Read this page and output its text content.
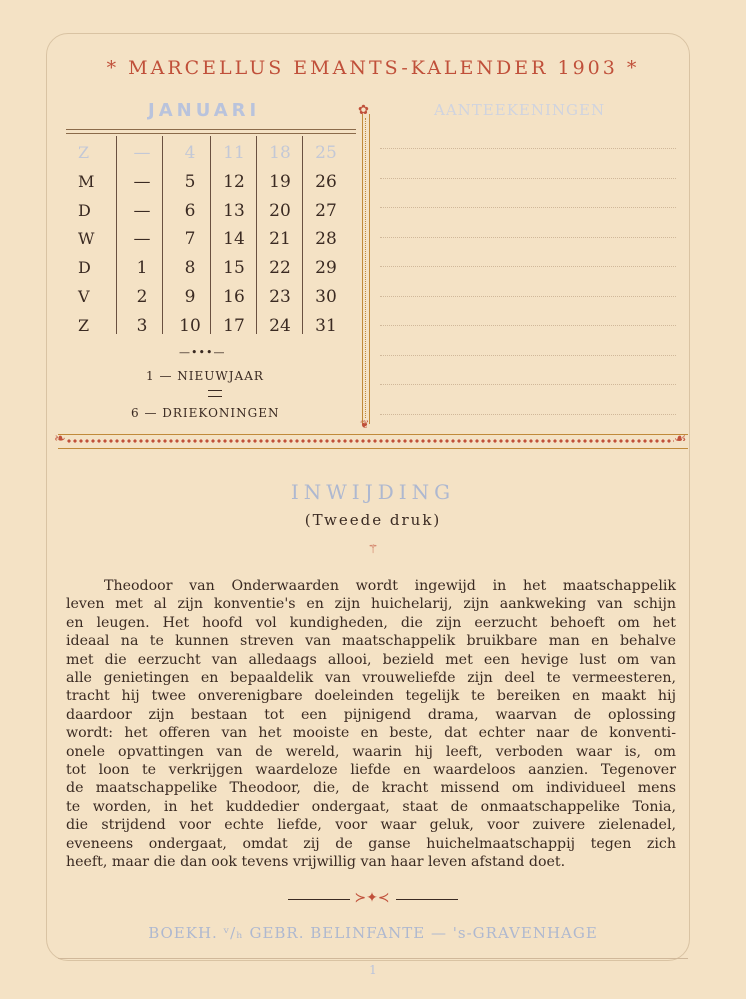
* MARCELLUS EMANTS-KALENDER 1903 *
JANUARI	AANTEEKENINGEN
Z	—	4	11	18	25
M	—	5	12	19	26
D	—	6	13	20	27
W	—	7	14	21	28
D	1	8	15	22	29
V	2	9	16	23	30
Z	3	10	17	24	31
✿
❦
—•••—
1 — NIEUWJAAR
6 — DRIEKONINGEN
❧	☙
INWIJDING
(Tweede druk)
⚚
Theodoor van Onderwaarden wordt ingewijd in het maatschappelik
leven met al zijn konventie's en zijn huichelarij, zijn aankweking van schijn
en leugen. Het hoofd vol kundigheden, die zijn eerzucht behoeft om het
ideaal na te kunnen streven van maatschappelik bruikbare man en behalve
met die eerzucht van alledaags allooi, bezield met een hevige lust om van
alle genietingen en bepaaldelik van vrouweliefde zijn deel te vermeesteren,
tracht hij twee onverenigbare doeleinden tegelijk te bereiken en maakt hij
daardoor zijn bestaan tot een pijnigend drama, waarvan de oplossing
wordt: het offeren van het mooiste en beste, dat echter naar de konventi-
onele opvattingen van de wereld, waarin hij leeft, verboden waar is, om
tot loon te verkrijgen waardeloze liefde en waardeloos aanzien. Tegenover
de maatschappelike Theodoor, die, de kracht missend om individueel mens
te worden, in het kuddedier ondergaat, staat de onmaatschappelike Tonia,
die strijdend voor echte liefde, voor waar geluk, voor zuivere zielenadel,
eveneens ondergaat, omdat zij de ganse huichelmaatschappij tegen zich
heeft, maar die dan ook tevens vrijwillig van haar leven afstand doet.
≻✦≺
BOEKH. ᵛ/ₕ GEBR. BELINFANTE — 's-GRAVENHAGE
1
